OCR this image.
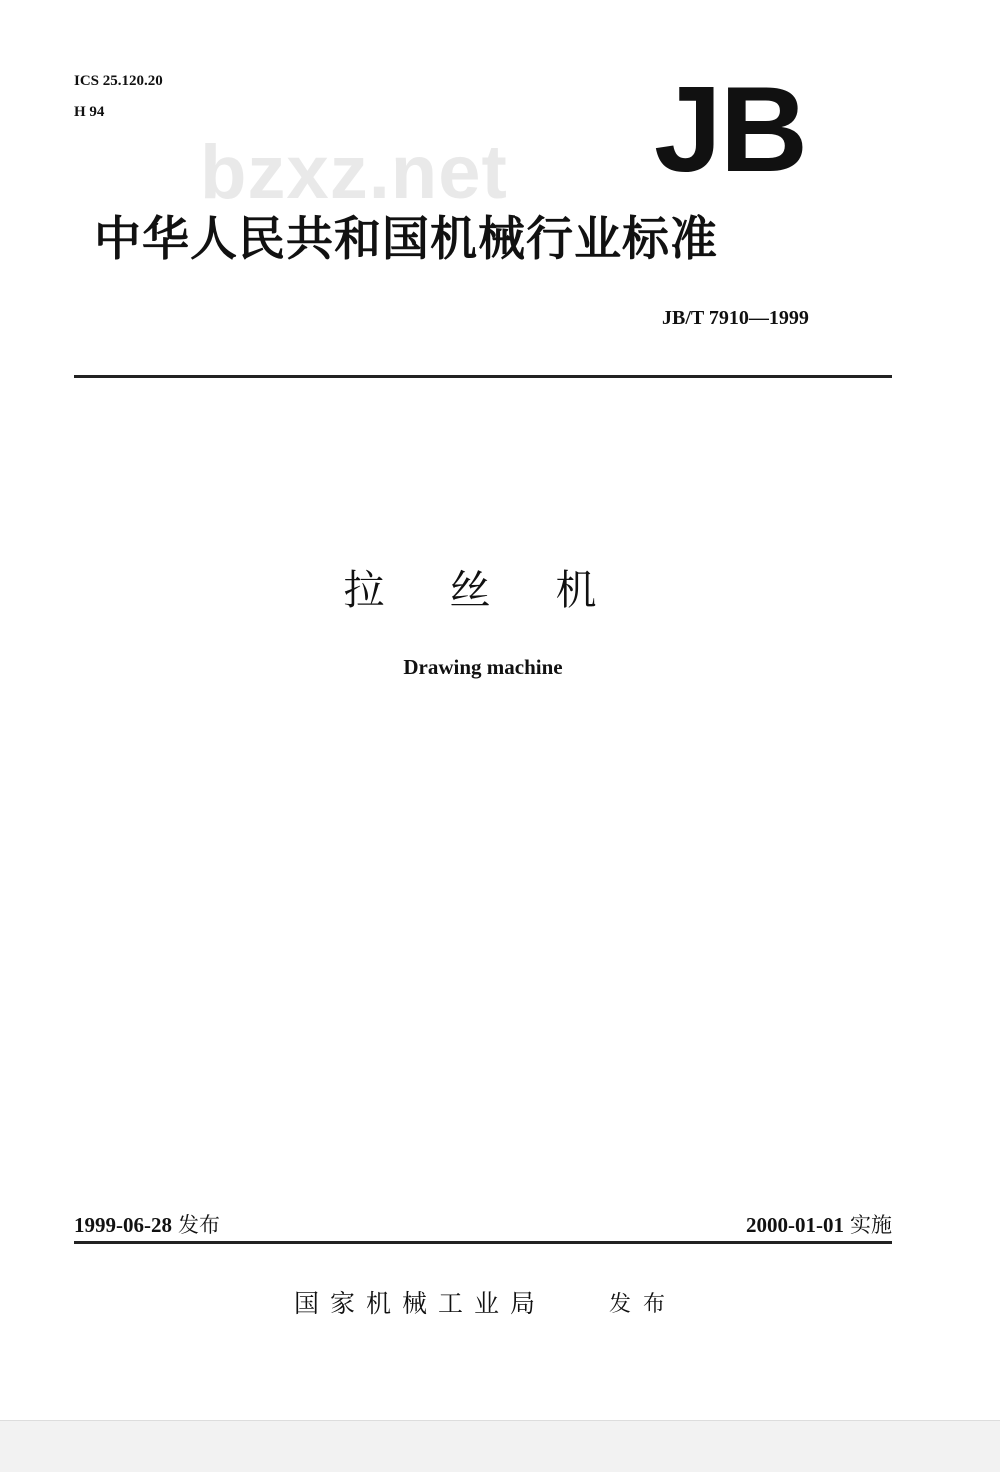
ICS 25.120.20
H 94
bzxz.net JB
中华人民共和国机械行业标准
JB/T 7910—1999
拉 丝 机
Drawing machine
1999-06-28 发布	2000-01-01 实施
国家机械工业局	发布
